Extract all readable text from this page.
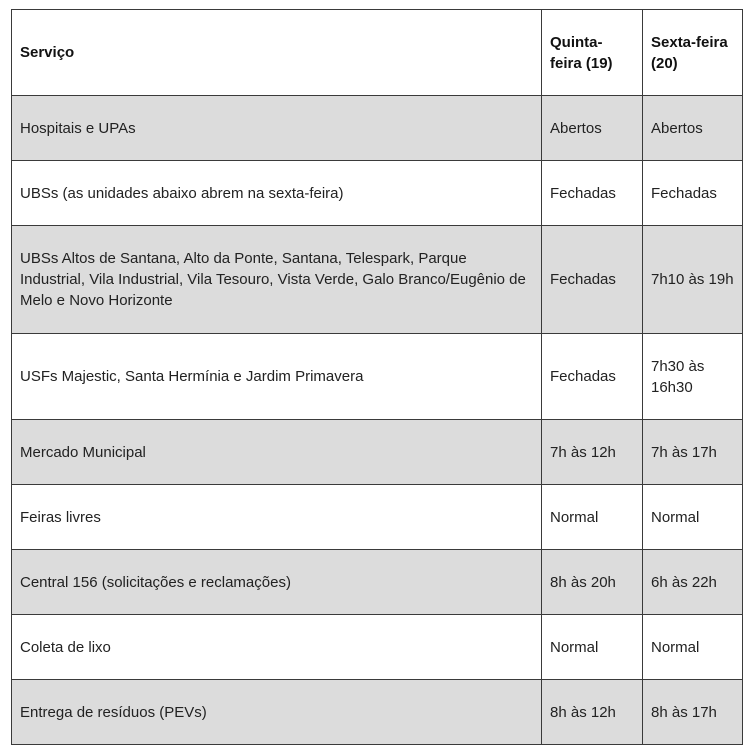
Serviço	Quinta-feira (19)	Sexta-feira (20)
Hospitais e UPAs	Abertos	Abertos
UBSs (as unidades abaixo abrem na sexta-feira)	Fechadas	Fechadas
UBSs Altos de Santana, Alto da Ponte, Santana, Telespark, Parque Industrial, Vila Industrial, Vila Tesouro, Vista Verde, Galo Branco/Eugênio de Melo e Novo Horizonte	Fechadas	7h10 às 19h
USFs Majestic, Santa Hermínia e Jardim Primavera	Fechadas	7h30 às 16h30
Mercado Municipal	7h às 12h	7h às 17h
Feiras livres	Normal	Normal
Central 156 (solicitações e reclamações)	8h às 20h	6h às 22h
Coleta de lixo	Normal	Normal
Entrega de resíduos (PEVs)	8h às 12h	8h às 17h
